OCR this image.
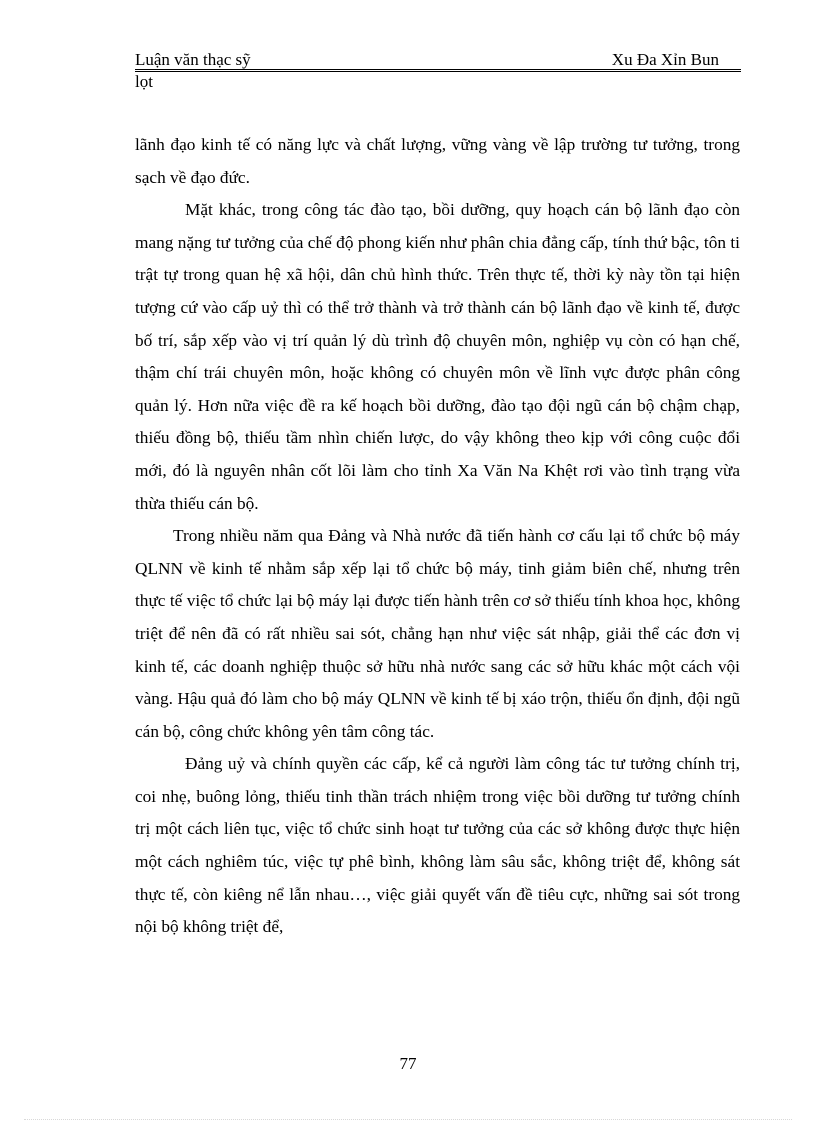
Luận văn thạc sỹ	Xu Đa Xỉn Bun
lọt

lãnh đạo kinh tế có năng lực và chất lượng, vững vàng về lập trường tư tưởng, trong sạch về đạo đức.

Mặt khác, trong công tác đào tạo, bồi dưỡng, quy hoạch cán bộ lãnh đạo còn mang nặng tư tưởng của chế độ phong kiến như phân chia đẳng cấp, tính thứ bậc, tôn ti trật tự trong quan hệ xã hội, dân chủ hình thức. Trên thực tế, thời kỳ này tồn tại hiện tượng cứ vào cấp uỷ thì có thể trở thành và trở thành cán bộ lãnh đạo về kinh tế, được bố trí, sắp xếp vào vị trí quản lý dù trình độ chuyên môn, nghiệp vụ còn có hạn chế, thậm chí trái chuyên môn, hoặc không có chuyên môn về lĩnh vực được phân công quản lý. Hơn nữa việc đề ra kế hoạch bồi dưỡng, đào tạo đội ngũ cán bộ chậm chạp, thiếu đồng bộ, thiếu tầm nhìn chiến lược, do vậy không theo kịp với công cuộc đổi mới, đó là nguyên nhân cốt lõi làm cho tỉnh Xa Văn Na Khệt rơi vào tình trạng vừa thừa thiếu cán bộ.

Trong nhiều năm qua Đảng và Nhà nước đã tiến hành cơ cấu lại tổ chức bộ máy QLNN về kinh tế nhằm sắp xếp lại tổ chức bộ máy, tinh giảm biên chế, nhưng trên thực tế việc tổ chức lại bộ máy lại được tiến hành trên cơ sở thiếu tính khoa học, không triệt để nên đã có rất nhiều sai sót, chẳng hạn như việc sát nhập, giải thể các đơn vị kinh tế, các doanh nghiệp thuộc sở hữu nhà nước sang các sở hữu khác một cách vội vàng. Hậu quả đó làm cho bộ máy QLNN về kinh tế bị xáo trộn, thiếu ổn định, đội ngũ cán bộ, công chức không yên tâm công tác.

Đảng uỷ và chính quyền các cấp, kể cả người làm công tác tư tưởng chính trị, coi nhẹ, buông lỏng, thiếu tinh thần trách nhiệm trong việc bồi dưỡng tư tưởng chính trị một cách liên tục, việc tổ chức sinh hoạt tư tưởng của các sở không được thực hiện một cách nghiêm túc, việc tự phê bình, không làm sâu sắc, không triệt để, không sát thực tế, còn kiêng nể lẫn nhau…, việc giải quyết vấn đề tiêu cực, những sai sót trong nội bộ không triệt để,

77
